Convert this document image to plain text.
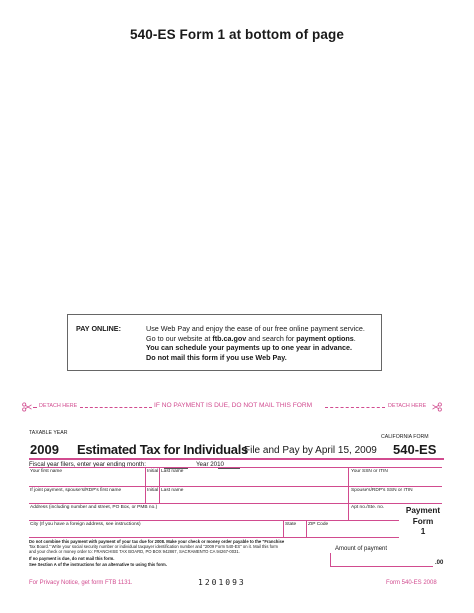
540-ES Form 1 at bottom of page
PAY ONLINE:	Use Web Pay and enjoy the ease of our free online payment service.
Go to our website at ftb.ca.gov and search for payment options.
You can schedule your payments up to one year in advance.
Do not mail this form if you use Web Pay.
DETACH HERE	IF NO PAYMENT IS DUE, DO NOT MAIL THIS FORM	DETACH HERE
TAXABLE YEAR
CALIFORNIA FORM
2009 Estimated Tax for Individuals
File and Pay by April 15, 2009 540-ES
Fiscal year filers, enter year ending month:	Year 2010
Your first name	Initial Last name	Your SSN or ITIN
If joint payment, spouse's/RDP's first name	Initial Last name	Spouse's/RDP's SSN or ITIN
Address (including number and street, PO Box, or PMB no.)	Apt no./Ste. no.
City (If you have a foreign address, see instructions)	State ZIP Code
Payment
Form
1
Do not combine this payment with payment of your tax due for 2008. Make your check or money order payable to the "Franchise
Tax Board." Write your social security number or individual taxpayer identification number and "2009 Form 540-ES" on it. Mail this form
and your check or money order to: FRANCHISE TAX BOARD, PO BOX 942867, SACRAMENTO CA 94267-0031.
If no payment is due, do not mail this form.
See Section A of the instructions for an alternative to using this form.
Amount of payment
.00
For Privacy Notice, get form FTB 1131.	1201093	Form 540-ES 2008
